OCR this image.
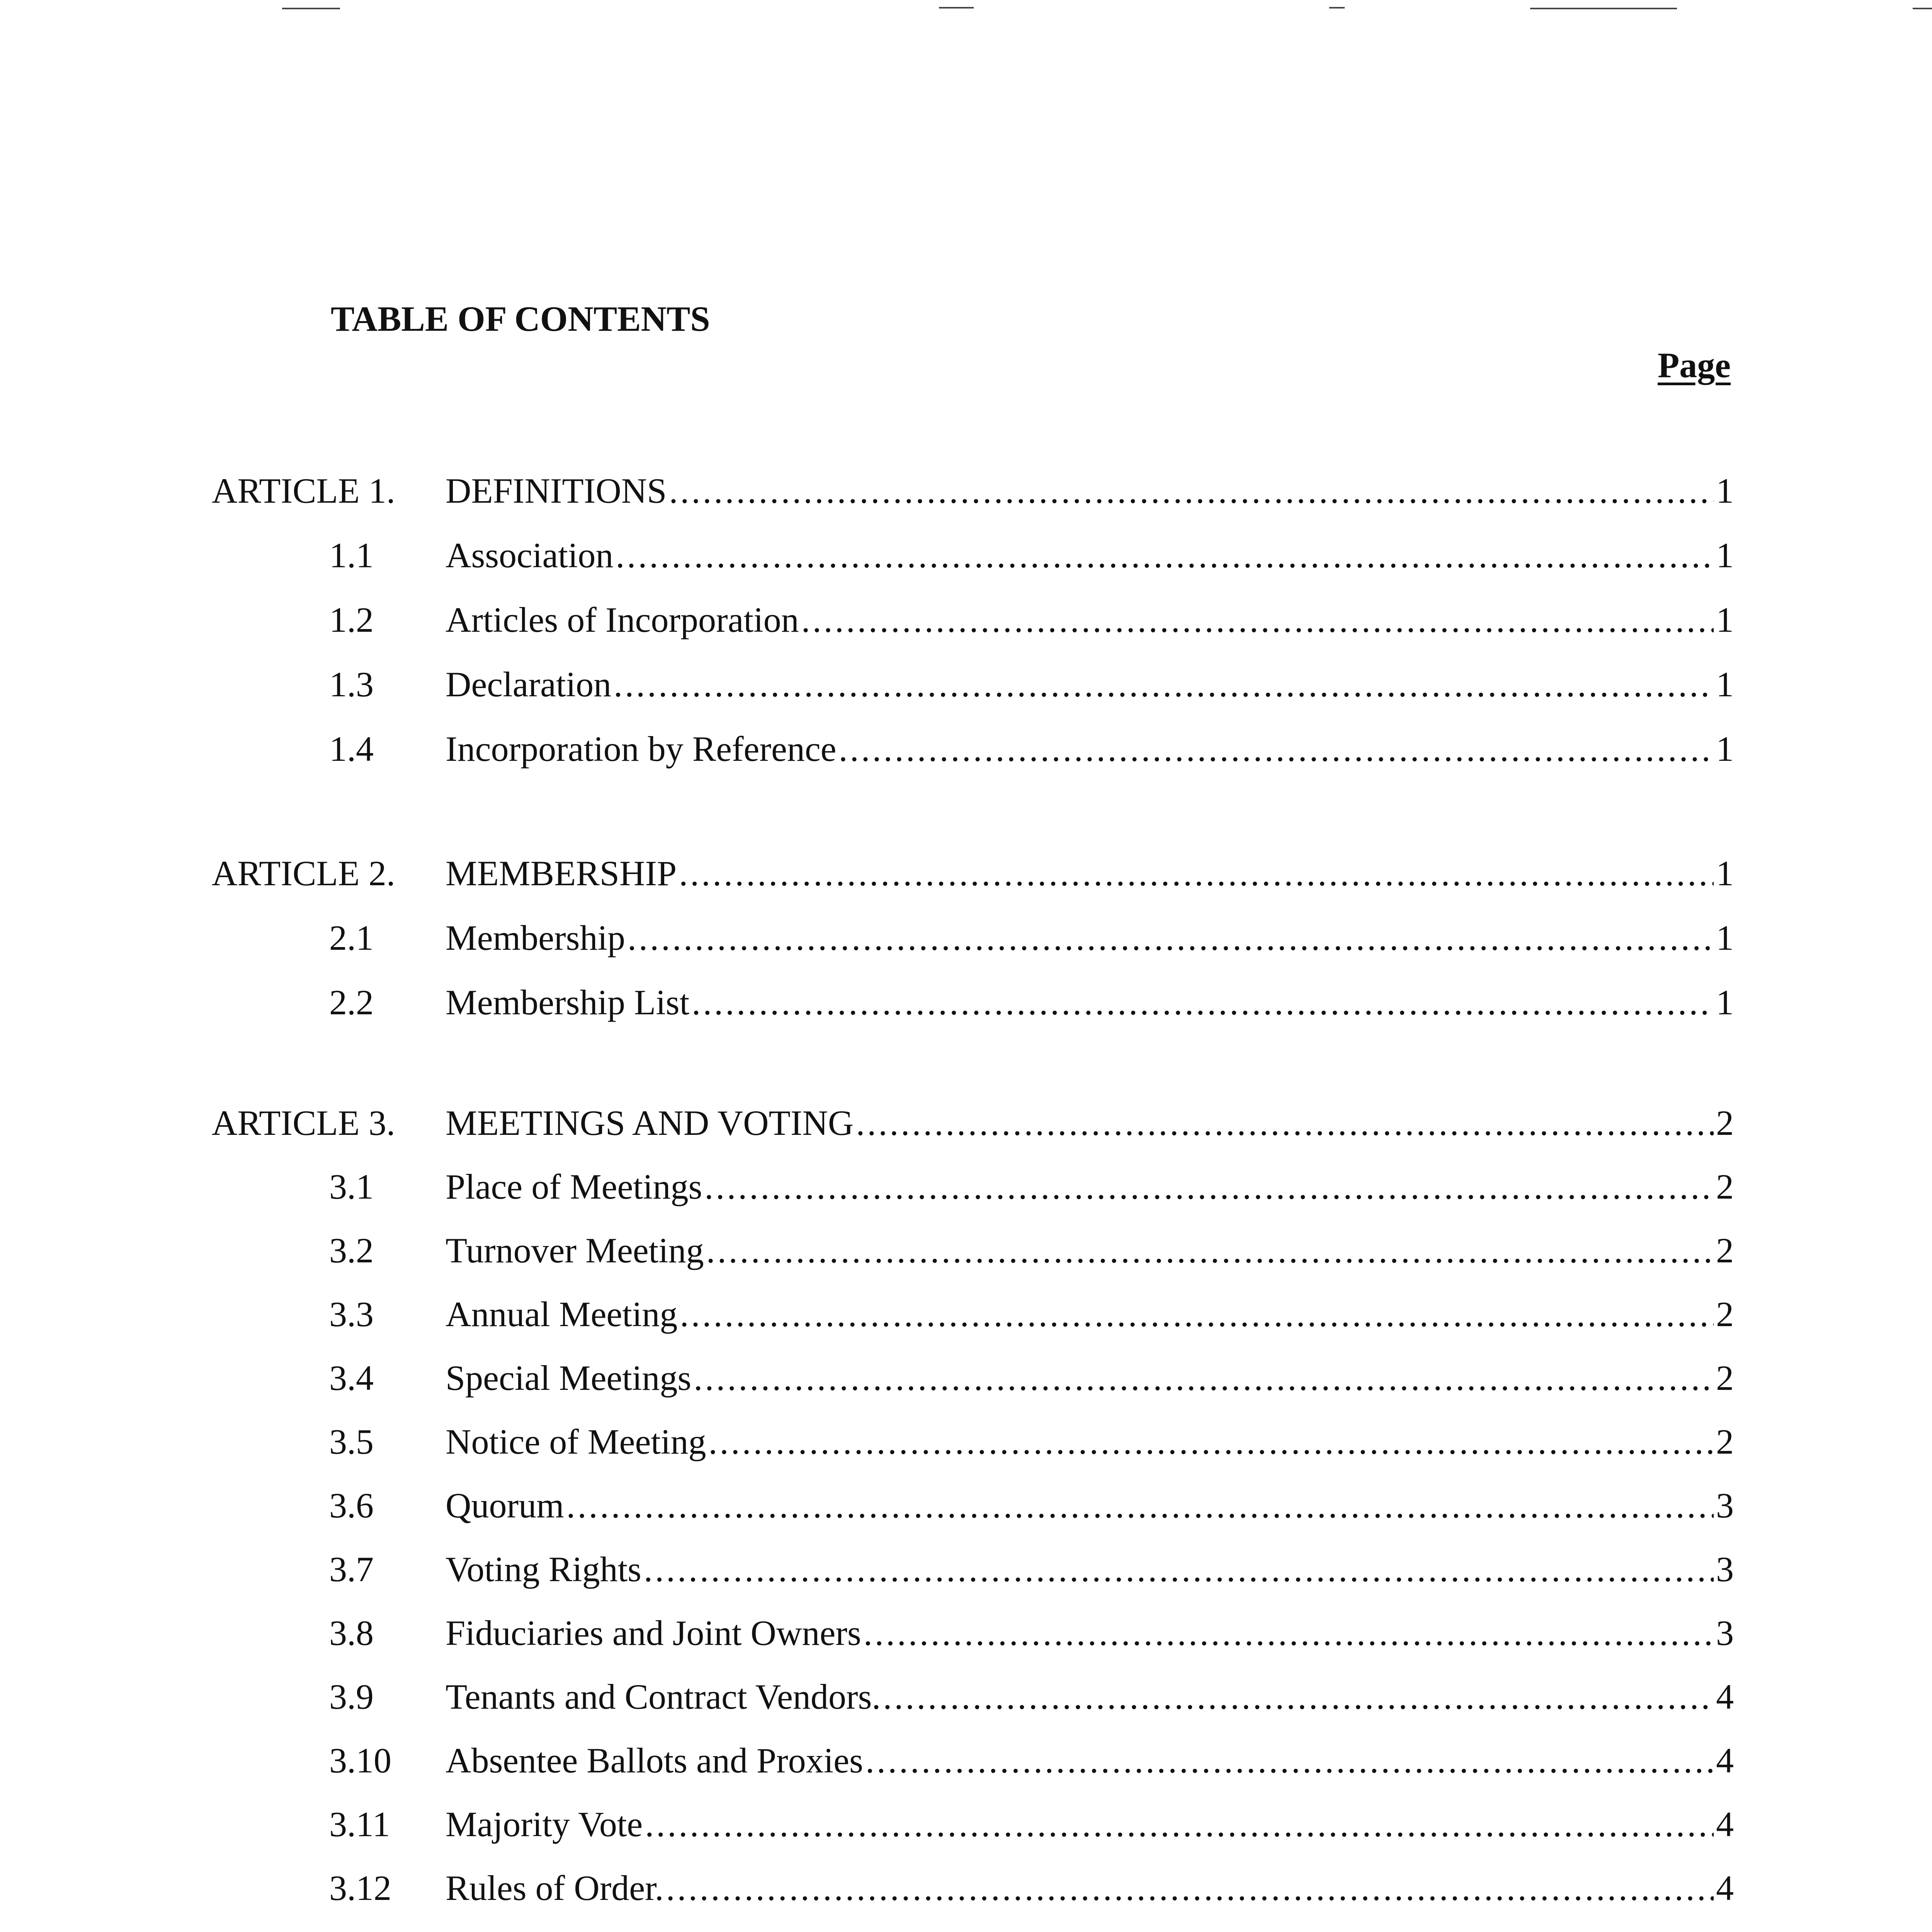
TABLE OF CONTENTS
Page
ARTICLE 1. DEFINITIONS .....	1
1.1 Association .....	1
1.2 Articles of Incorporation .....	1
1.3 Declaration .....	1
1.4 Incorporation by Reference .....	1
ARTICLE 2. MEMBERSHIP .....	1
2.1 Membership .....	1
2.2 Membership List .....	1
ARTICLE 3. MEETINGS AND VOTING .....	2
3.1 Place of Meetings .....	2
3.2 Turnover Meeting .....	2
3.3 Annual Meeting .....	2
3.4 Special Meetings .....	2
3.5 Notice of Meeting .....	2
3.6 Quorum .....	3
3.7 Voting Rights .....	3
3.8 Fiduciaries and Joint Owners .....	3
3.9 Tenants and Contract Vendors. .....	4
3.10 Absentee Ballots and Proxies .....	4
3.11 Majority Vote .....	4
3.12 Rules of Order. .....	4
.....
